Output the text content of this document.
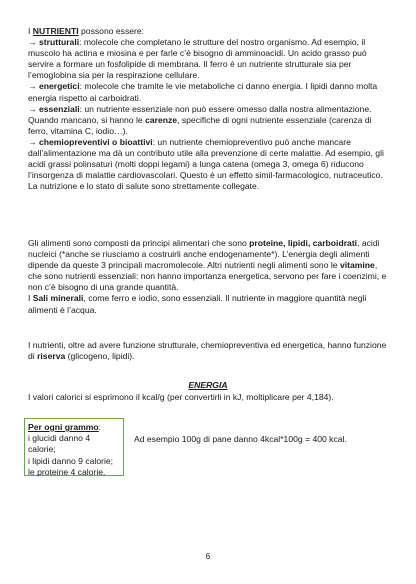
I NUTRIENTI possono essere:

→ strutturali: molecole che completano le strutture del nostro organismo. Ad esempio, il muscolo ha actina e miosina e per farle c’è bisogno di amminoacidi. Un acido grasso può servire a formare un fosfolipide di membrana. Il ferro è un nutriente strutturale sia per l’emoglobina sia per la respirazione cellulare.

→ energetici: molecole che tramite le vie metaboliche ci danno energia. I lipidi danno molta energia rispetto ai carboidrati.

→ essenziali: un nutriente essenziale non può essere omesso dalla nostra alimentazione. Quando mancano, si hanno le carenze, specifiche di ogni nutriente essenziale (carenza di ferro, vitamina C, iodio…).

→ chemiopreventivi o bioattivi: un nutriente chemiopreventivo può anche mancare dall’alimentazione ma dà un contributo utile alla prevenzione di certe malattie. Ad esempio, gli acidi grassi polinsaturi (molti doppi legami) a lunga catena (omega 3, omega 6) riducono l’insorgenza di malattie cardiovascolari. Questo è un effetto simil-farmacologico, nutraceutico. La nutrizione e lo stato di salute sono strettamente collegate.

Gli alimenti sono composti da principi alimentari che sono proteine, lipidi, carboidrati, acidi nucleici (*anche se riusciamo a costruirli anche endogenamente*). L’energia degli alimenti dipende da queste 3 principali macromolecole. Altri nutrienti negli alimenti sono le vitamine, che sono nutrienti essenziali: non hanno importanza energetica, servono per fare i coenzimi, e non c’è bisogno di una grande quantità.

I Sali minerali, come ferro e iodio, sono essenziali. Il nutriente in maggiore quantità negli alimenti è l’acqua.

I nutrienti, oltre ad avere funzione strutturale, chemiopreventiva ed energetica, hanno funzione di riserva (glicogeno, lipidi).

ENERGIA

I valori calorici si esprimono il kcal/g (per convertirli in kJ, moltiplicare per 4,184).

Per ogni grammo:
i glucidi danno 4 calorie;
i lipidi danno 9 calorie;
le proteine 4 calorie.
Ad esempio 100g di pane danno 4kcal*100g = 400 kcal.
6
